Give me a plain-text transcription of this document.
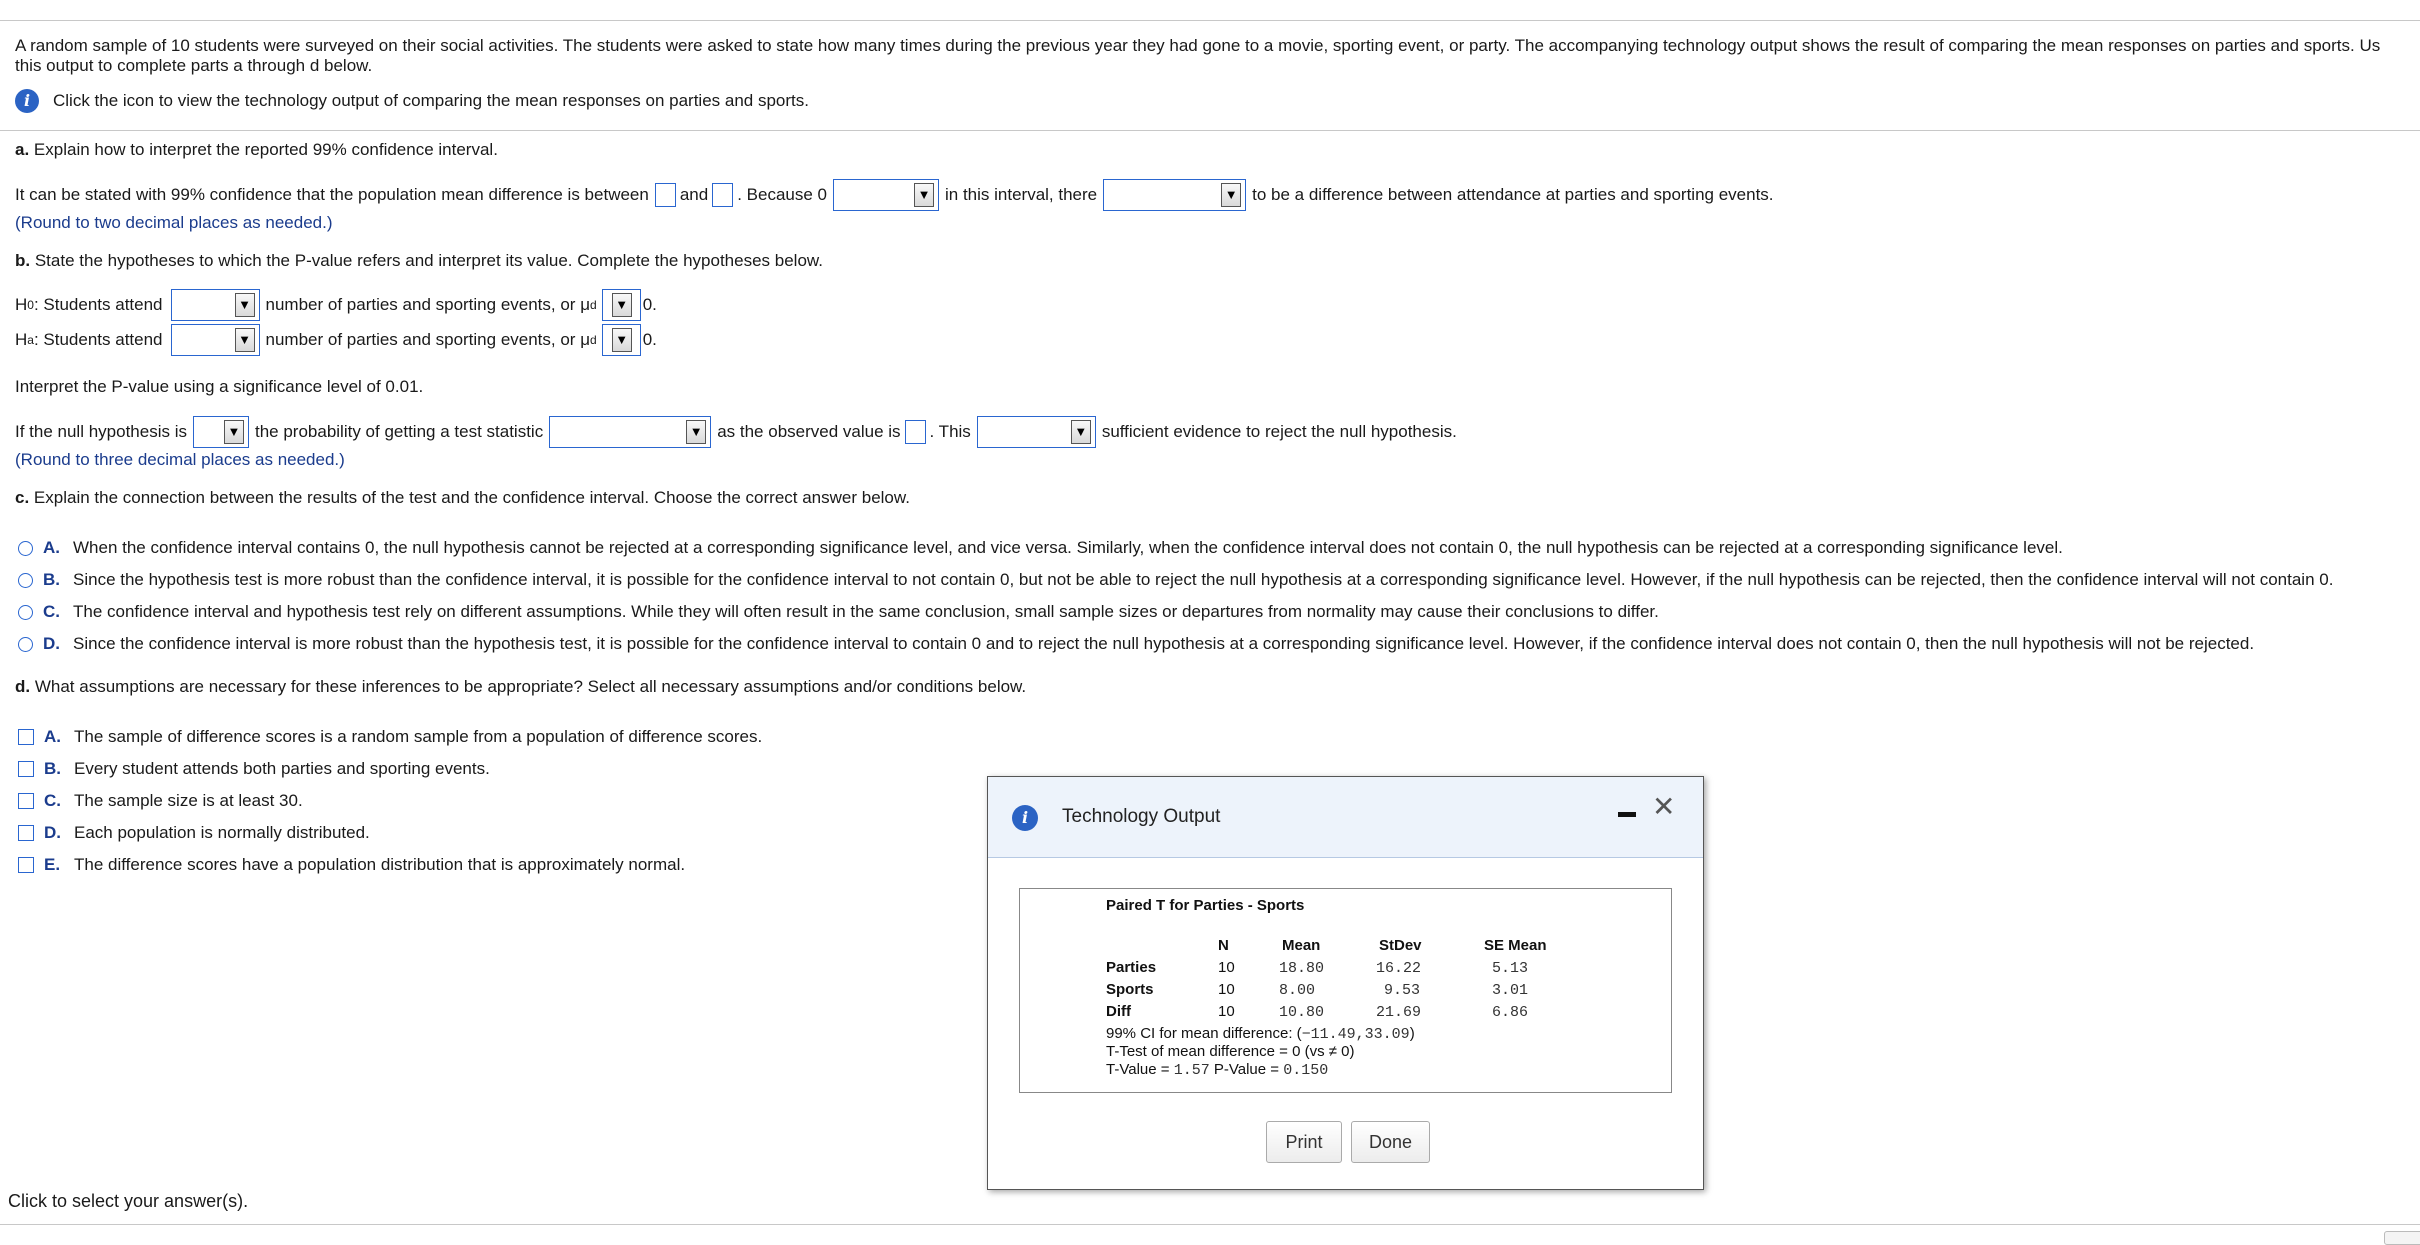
A random sample of 10 students were surveyed on their social activities. The students were asked to state how many times during the previous year they had gone to a movie, sporting event, or party. The accompanying technology output shows the result of comparing the mean responses on parties and sports. Us
this output to complete parts a through d below.
i	Click the icon to view the technology output of comparing the mean responses on parties and sports.
a. Explain how to interpret the reported 99% confidence interval.
It can be stated with 99% confidence that the population mean difference is between and . Because 0	▼ in this interval, there	▼ to be a difference between attendance at parties and sporting events.
(Round to two decimal places as needed.)
b. State the hypotheses to which the P-value refers and interpret its value. Complete the hypotheses below.
H 0 : Students attend	▼ number of parties and sporting events, or μ d ▼ 0.
H a : Students attend	▼ number of parties and sporting events, or μ d ▼ 0.
Interpret the P-value using a significance level of 0.01.
If the null hypothesis is	▼ the probability of getting a test statistic	▼ as the observed value is . This	▼ sufficient evidence to reject the null hypothesis.
(Round to three decimal places as needed.)
c. Explain the connection between the results of the test and the confidence interval. Choose the correct answer below.
A. When the confidence interval contains 0, the null hypothesis cannot be rejected at a corresponding significance level, and vice versa. Similarly, when the confidence interval does not contain 0, the null hypothesis can be rejected at a corresponding significance level.
B. Since the hypothesis test is more robust than the confidence interval, it is possible for the confidence interval to not contain 0, but not be able to reject the null hypothesis at a corresponding significance level. However, if the null hypothesis can be rejected, then the confidence interval will not contain 0.
C. The confidence interval and hypothesis test rely on different assumptions. While they will often result in the same conclusion, small sample sizes or departures from normality may cause their conclusions to differ.
D. Since the confidence interval is more robust than the hypothesis test, it is possible for the confidence interval to contain 0 and to reject the null hypothesis at a corresponding significance level. However, if the confidence interval does not contain 0, then the null hypothesis will not be rejected.
d. What assumptions are necessary for these inferences to be appropriate? Select all necessary assumptions and/or conditions below.
A. The sample of difference scores is a random sample from a population of difference scores.
B. Every student attends both parties and sporting events.
C. The sample size is at least 30.
D. Each population is normally distributed.
E. The difference scores have a population distribution that is approximately normal.
Click to select your answer(s).
i	Technology Output	✕
Paired T for Parties - Sports
N	Mean	StDev	SE Mean
Parties	10	18.80	16.22	5.13
Sports	10	8.00	9.53	3.01
Diff	10	10.80	21.69	6.86
99% CI for mean difference: (−11.49,33.09)
T-Test of mean difference = 0 (vs ≠ 0)
T-Value = 1.57 P-Value = 0.150
Print	Done
